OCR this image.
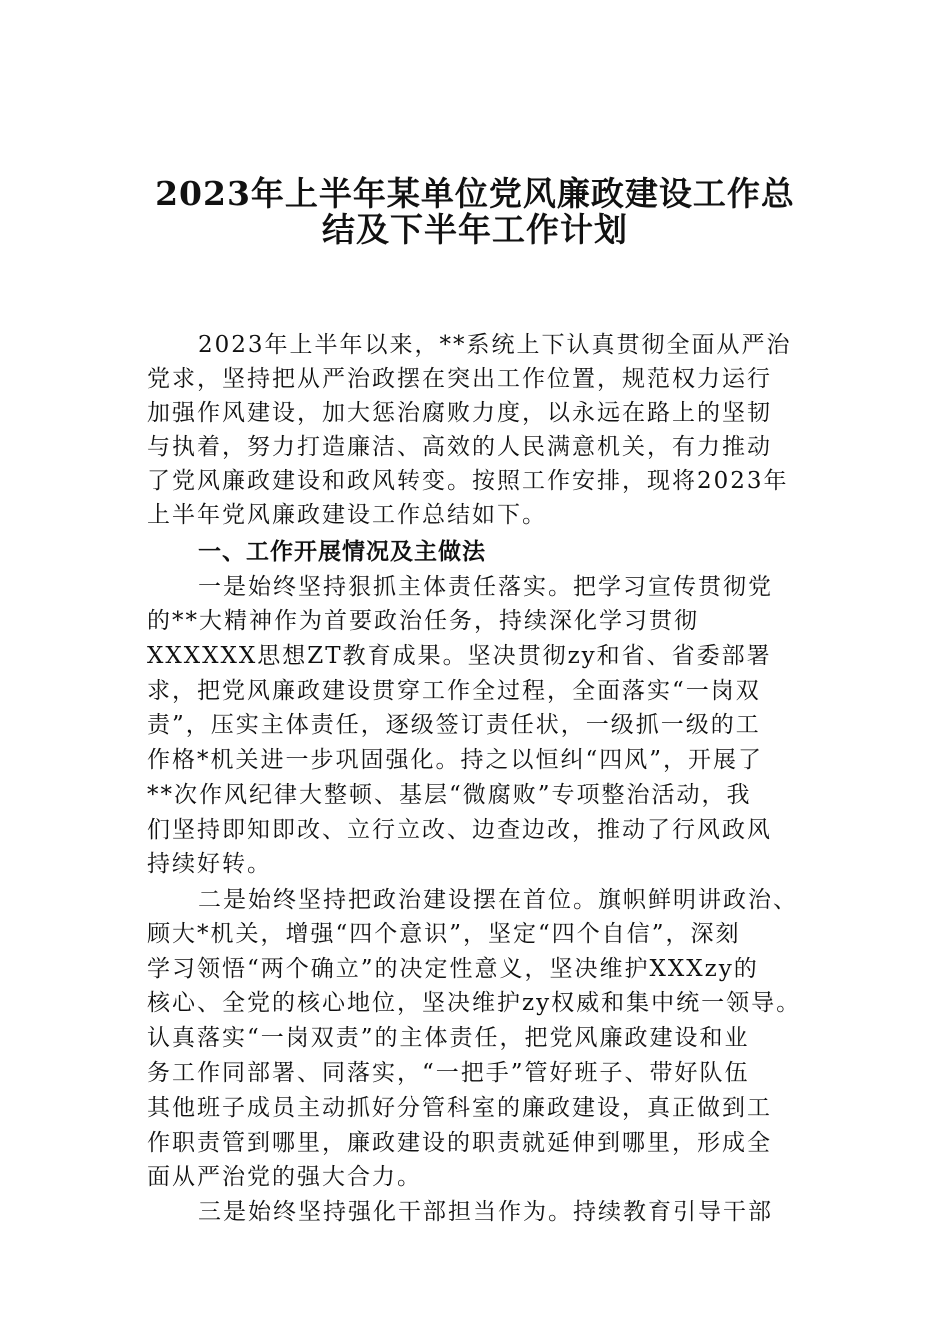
2023年上半年某单位党风廉政建设工作总
结及下半年工作计划
2023年上半年以来，**系统上下认真贯彻全面从严治
党求，坚持把从严治政摆在突出工作位置，规范权力运行
加强作风建设，加大惩治腐败力度，以永远在路上的坚韧
与执着，努力打造廉洁、高效的人民满意机关，有力推动
了党风廉政建设和政风转变。按照工作安排，现将2023年
上半年党风廉政建设工作总结如下。
一、工作开展情况及主做法
一是始终坚持狠抓主体责任落实。把学习宣传贯彻党
的**大精神作为首要政治任务，持续深化学习贯彻
XXXXXX思想ZT教育成果。坚决贯彻zy和省、省委部署
求，把党风廉政建设贯穿工作全过程，全面落实“一岗双
责”，压实主体责任，逐级签订责任状，一级抓一级的工
作格*机关进一步巩固强化。持之以恒纠“四风”，开展了
**次作风纪律大整顿、基层“微腐败”专项整治活动，我
们坚持即知即改、立行立改、边查边改，推动了行风政风
持续好转。
二是始终坚持把政治建设摆在首位。旗帜鲜明讲政治、
顾大*机关，增强“四个意识”，坚定“四个自信”，深刻
学习领悟“两个确立”的决定性意义，坚决维护XXXzy的
核心、全党的核心地位，坚决维护zy权威和集中统一领导。
认真落实“一岗双责”的主体责任，把党风廉政建设和业
务工作同部署、同落实，“一把手”管好班子、带好队伍
其他班子成员主动抓好分管科室的廉政建设，真正做到工
作职责管到哪里，廉政建设的职责就延伸到哪里，形成全
面从严治党的强大合力。
三是始终坚持强化干部担当作为。持续教育引导干部
